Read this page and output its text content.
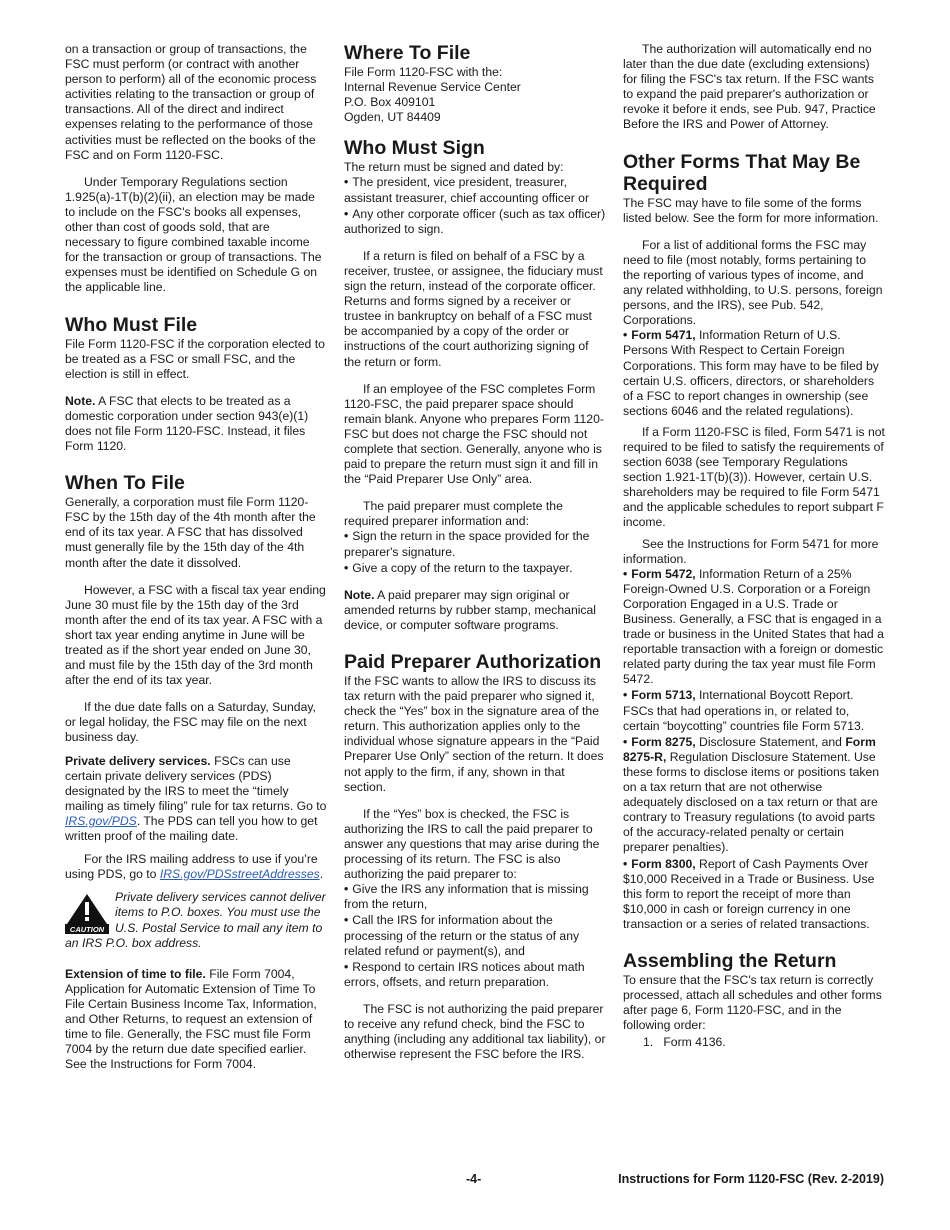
on a transaction or group of transactions, the FSC must perform (or contract with another person to perform) all of the economic process activities relating to the transaction or group of transactions. All of the direct and indirect expenses relating to the performance of those activities must be reflected on the books of the FSC and on Form 1120-FSC.

Under Temporary Regulations section 1.925(a)-1T(b)(2)(ii), an election may be made to include on the FSC's books all expenses, other than cost of goods sold, that are necessary to figure combined taxable income for the transaction or group of transactions. The expenses must be identified on Schedule G on the applicable line.

Who Must File

File Form 1120-FSC if the corporation elected to be treated as a FSC or small FSC, and the election is still in effect.

Note. A FSC that elects to be treated as a domestic corporation under section 943(e)(1) does not file Form 1120-FSC. Instead, it files Form 1120.

When To File

Generally, a corporation must file Form 1120-FSC by the 15th day of the 4th month after the end of its tax year. A FSC that has dissolved must generally file by the 15th day of the 4th month after the date it dissolved.

However, a FSC with a fiscal tax year ending June 30 must file by the 15th day of the 3rd month after the end of its tax year. A FSC with a short tax year ending anytime in June will be treated as if the short year ended on June 30, and must file by the 15th day of the 3rd month after the end of its tax year.

If the due date falls on a Saturday, Sunday, or legal holiday, the FSC may file on the next business day.

Private delivery services. FSCs can use certain private delivery services (PDS) designated by the IRS to meet the “timely mailing as timely filing” rule for tax returns. Go to IRS.gov/PDS. The PDS can tell you how to get written proof of the mailing date.

For the IRS mailing address to use if you’re using PDS, go to IRS.gov/PDSstreetAddresses.

CAUTION
Private delivery services cannot deliver items to P.O. boxes. You must use the U.S. Postal Service to mail any item to an IRS P.O. box address.

Extension of time to file. File Form 7004, Application for Automatic Extension of Time To File Certain Business Income Tax, Information, and Other Returns, to request an extension of time to file. Generally, the FSC must file Form 7004 by the return due date specified earlier. See the Instructions for Form 7004.

Where To File

File Form 1120-FSC with the:
Internal Revenue Service Center
P.O. Box 409101
Ogden, UT 84409

Who Must Sign

The return must be signed and dated by:

• The president, vice president, treasurer, assistant treasurer, chief accounting officer or

• Any other corporate officer (such as tax officer) authorized to sign.

If a return is filed on behalf of a FSC by a receiver, trustee, or assignee, the fiduciary must sign the return, instead of the corporate officer. Returns and forms signed by a receiver or trustee in bankruptcy on behalf of a FSC must be accompanied by a copy of the order or instructions of the court authorizing signing of the return or form.

If an employee of the FSC completes Form 1120-FSC, the paid preparer space should remain blank. Anyone who prepares Form 1120-FSC but does not charge the FSC should not complete that section. Generally, anyone who is paid to prepare the return must sign it and fill in the “Paid Preparer Use Only” area.

The paid preparer must complete the required preparer information and:

• Sign the return in the space provided for the preparer's signature.

• Give a copy of the return to the taxpayer.

Note. A paid preparer may sign original or amended returns by rubber stamp, mechanical device, or computer software programs.

Paid Preparer Authorization

If the FSC wants to allow the IRS to discuss its tax return with the paid preparer who signed it, check the “Yes” box in the signature area of the return. This authorization applies only to the individual whose signature appears in the “Paid Preparer Use Only” section of the return. It does not apply to the firm, if any, shown in that section.

If the “Yes” box is checked, the FSC is authorizing the IRS to call the paid preparer to answer any questions that may arise during the processing of its return. The FSC is also authorizing the paid preparer to:

• Give the IRS any information that is missing from the return,

• Call the IRS for information about the processing of the return or the status of any related refund or payment(s), and

• Respond to certain IRS notices about math errors, offsets, and return preparation.

The FSC is not authorizing the paid preparer to receive any refund check, bind the FSC to anything (including any additional tax liability), or otherwise represent the FSC before the IRS.

The authorization will automatically end no later than the due date (excluding extensions) for filing the FSC's tax return. If the FSC wants to expand the paid preparer's authorization or revoke it before it ends, see Pub. 947, Practice Before the IRS and Power of Attorney.

Other Forms That May Be Required

The FSC may have to file some of the forms listed below. See the form for more information.

For a list of additional forms the FSC may need to file (most notably, forms pertaining to the reporting of various types of income, and any related withholding, to U.S. persons, foreign persons, and the IRS), see Pub. 542, Corporations.

• Form 5471, Information Return of U.S. Persons With Respect to Certain Foreign Corporations. This form may have to be filed by certain U.S. officers, directors, or shareholders of a FSC to report changes in ownership (see sections 6046 and the related regulations).

If a Form 1120-FSC is filed, Form 5471 is not required to be filed to satisfy the requirements of section 6038 (see Temporary Regulations section 1.921-1T(b)(3)). However, certain U.S. shareholders may be required to file Form 5471 and the applicable schedules to report subpart F income.

See the Instructions for Form 5471 for more information.

• Form 5472, Information Return of a 25% Foreign-Owned U.S. Corporation or a Foreign Corporation Engaged in a U.S. Trade or Business. Generally, a FSC that is engaged in a trade or business in the United States that had a reportable transaction with a foreign or domestic related party during the tax year must file Form 5472.

• Form 5713, International Boycott Report. FSCs that had operations in, or related to, certain “boycotting” countries file Form 5713.

• Form 8275, Disclosure Statement, and Form 8275-R, Regulation Disclosure Statement. Use these forms to disclose items or positions taken on a tax return that are not otherwise adequately disclosed on a tax return or that are contrary to Treasury regulations (to avoid parts of the accuracy-related penalty or certain preparer penalties).

• Form 8300, Report of Cash Payments Over $10,000 Received in a Trade or Business. Use this form to report the receipt of more than $10,000 in cash or foreign currency in one transaction or a series of related transactions.

Assembling the Return

To ensure that the FSC's tax return is correctly processed, attach all schedules and other forms after page 6, Form 1120-FSC, and in the following order:

1. Form 4136.

-4-	Instructions for Form 1120-FSC (Rev. 2-2019)
